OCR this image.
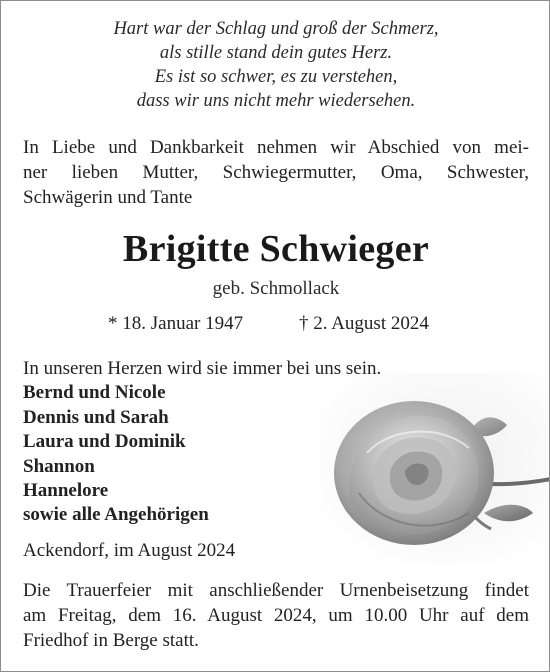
Hart war der Schlag und groß der Schmerz,
als stille stand dein gutes Herz.
Es ist so schwer, es zu verstehen,
dass wir uns nicht mehr wiedersehen.
In Liebe und Dankbarkeit nehmen wir Abschied von mei-
ner lieben Mutter, Schwiegermutter, Oma, Schwester,
Schwägerin und Tante
Brigitte Schwieger
geb. Schmollack
* 18. Januar 1947	† 2. August 2024
In unseren Herzen wird sie immer bei uns sein.
Bernd und Nicole
Dennis und Sarah
Laura und Dominik
Shannon
Hannelore
sowie alle Angehörigen
Ackendorf, im August 2024
Die Trauerfeier mit anschließender Urnenbeisetzung findet
am Freitag, dem 16. August 2024, um 10.00 Uhr auf dem
Friedhof in Berge statt.
